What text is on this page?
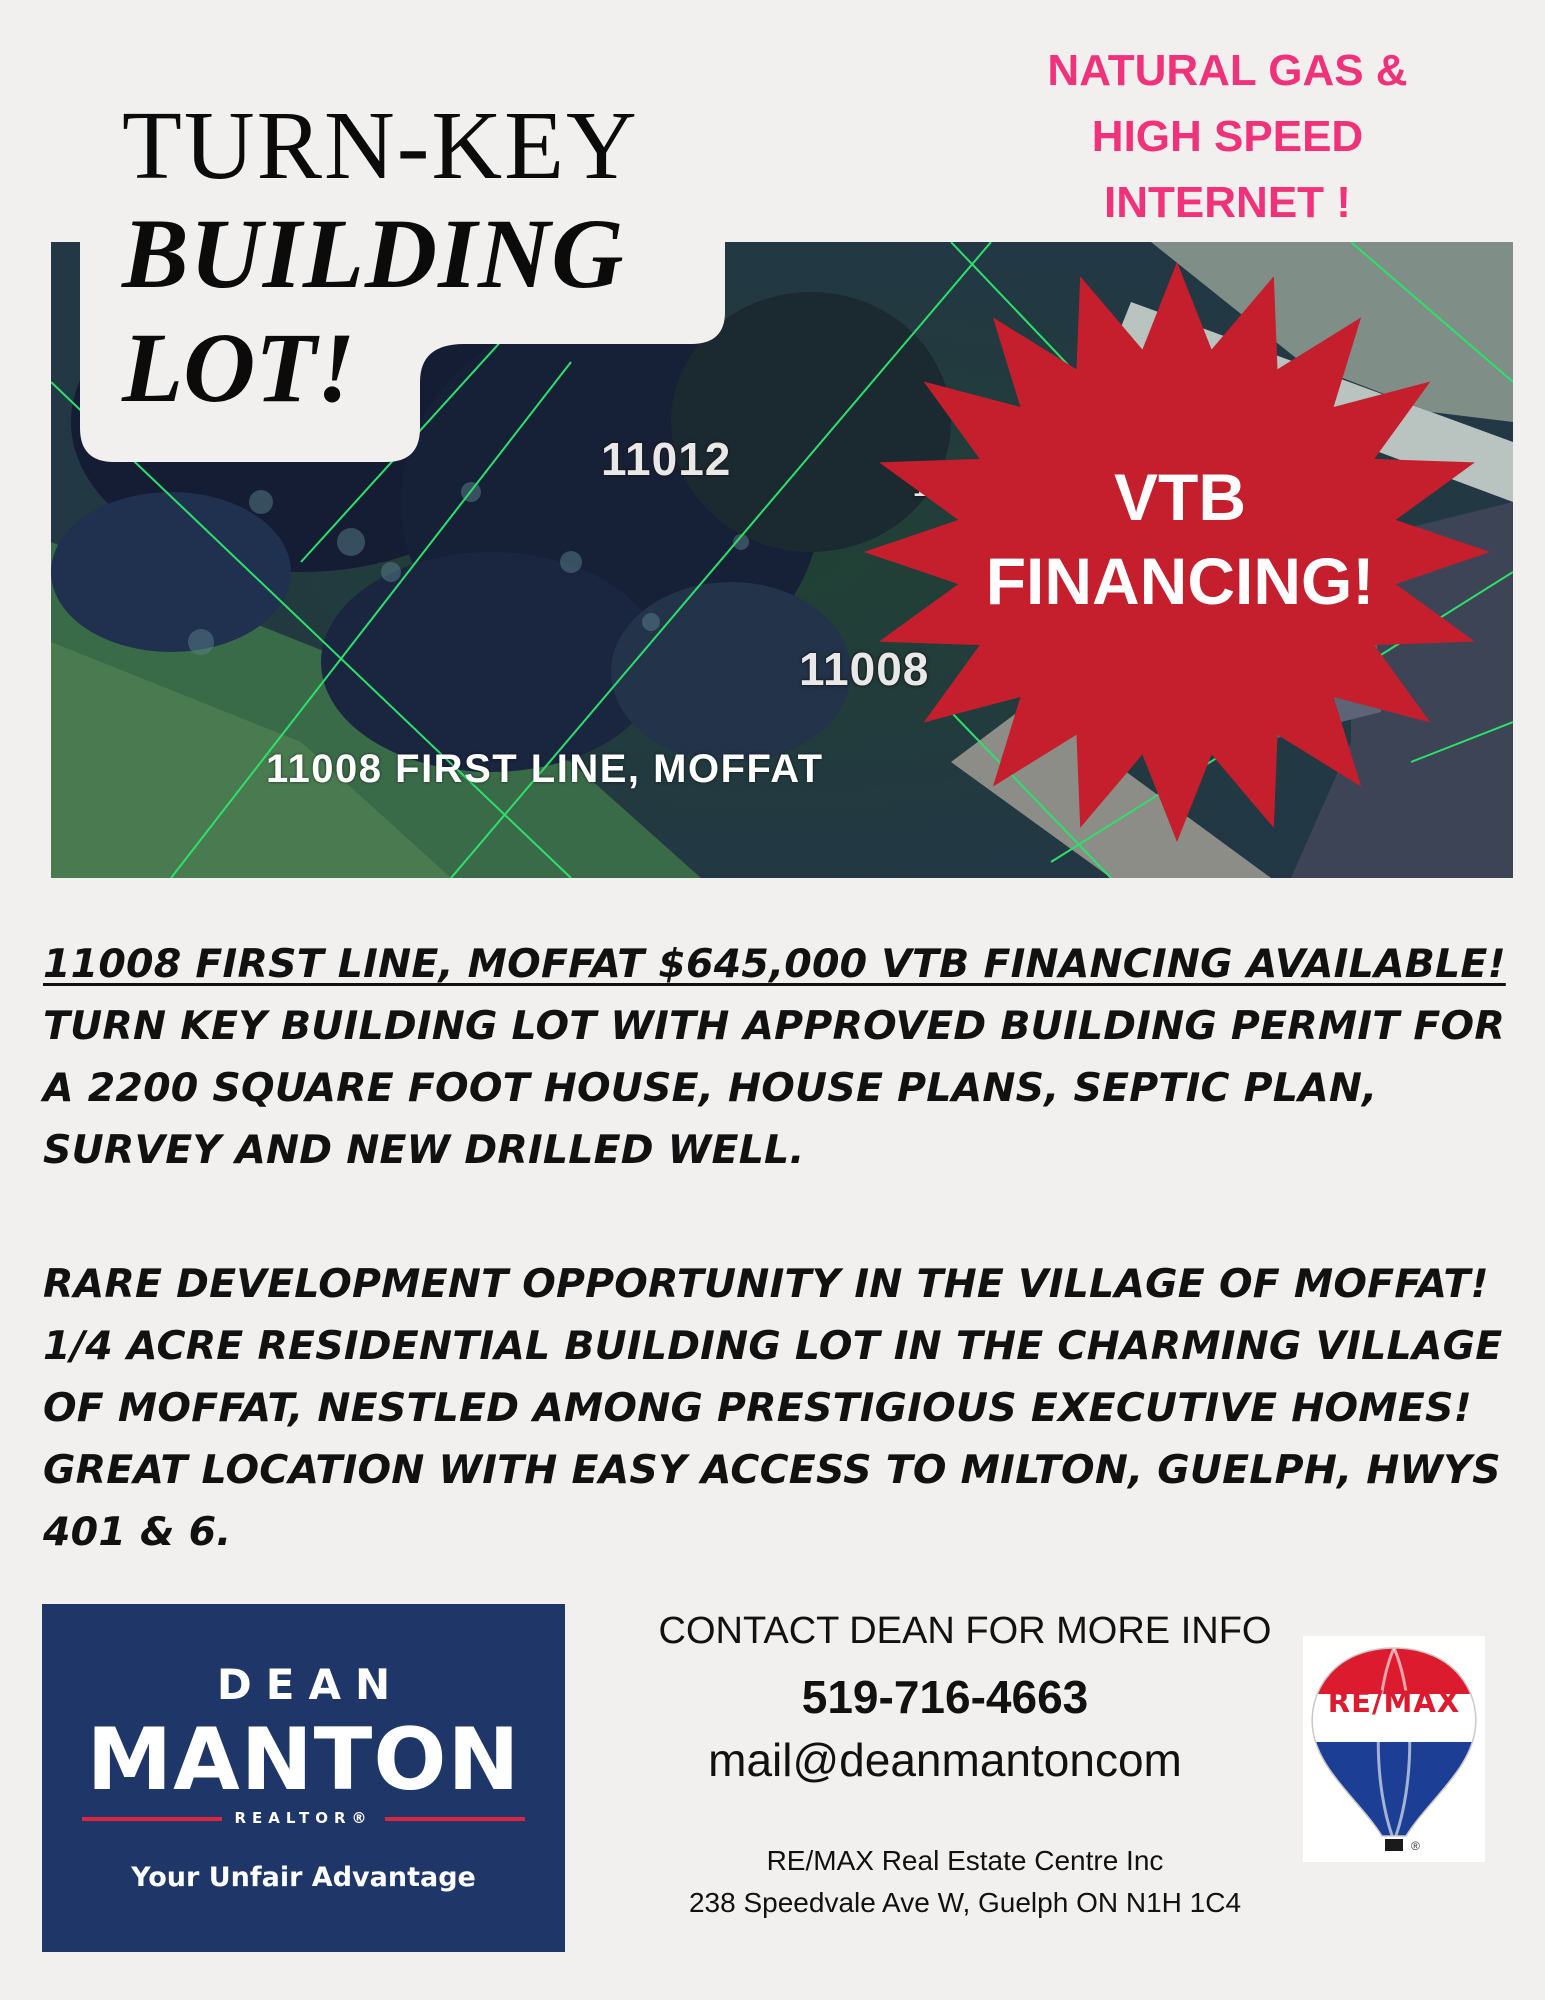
11012
11008
11008 FIRST LINE, MOFFAT
TURN-KEY
BUILDING
LOT!
NATURAL GAS &
HIGH SPEED
INTERNET !
VTB
FINANCING!

11008 FIRST LINE, MOFFAT $645,000 VTB FINANCING AVAILABLE!
TURN KEY BUILDING LOT WITH APPROVED BUILDING PERMIT FOR A 2200 SQUARE FOOT HOUSE, HOUSE PLANS, SEPTIC PLAN, SURVEY AND NEW DRILLED WELL.

RARE DEVELOPMENT OPPORTUNITY IN THE VILLAGE OF MOFFAT! 1/4 ACRE RESIDENTIAL BUILDING LOT IN THE CHARMING VILLAGE OF MOFFAT, NESTLED AMONG PRESTIGIOUS EXECUTIVE HOMES! GREAT LOCATION WITH EASY ACCESS TO MILTON, GUELPH, HWYS 401 & 6.

DEAN
MANTON
REALTOR®
Your Unfair Advantage
CONTACT DEAN FOR MORE INFO
519-716-4663
mail@deanmantoncom
RE/MAX Real Estate Centre Inc
238 Speedvale Ave W, Guelph ON N1H 1C4
RE/MAX
®
